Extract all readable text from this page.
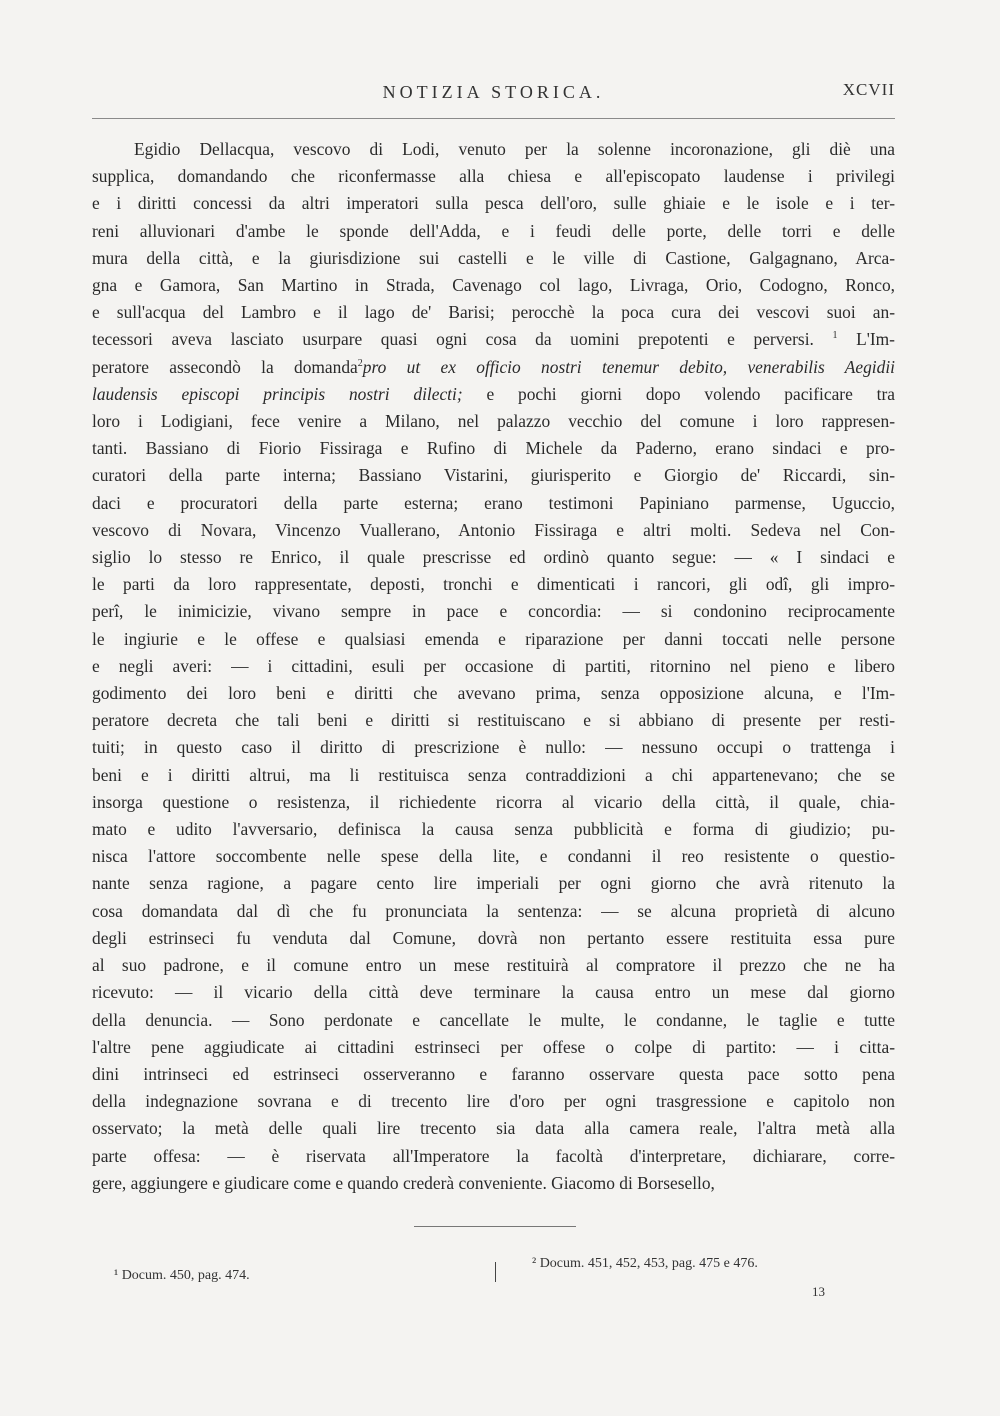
NOTIZIA STORICA.	XCVII
Egidio Dellacqua, vescovo di Lodi, venuto per la solenne incoronazione, gli diè una
supplica, domandando che riconfermasse alla chiesa e all'episcopato laudense i privilegi
e i diritti concessi da altri imperatori sulla pesca dell'oro, sulle ghiaie e le isole e i ter-
reni alluvionari d'ambe le sponde dell'Adda, e i feudi delle porte, delle torri e delle
mura della città, e la giurisdizione sui castelli e le ville di Castione, Galgagnano, Arca-
gna e Gamora, San Martino in Strada, Cavenago col lago, Livraga, Orio, Codogno, Ronco,
e sull'acqua del Lambro e il lago de' Barisi; perocchè la poca cura dei vescovi suoi an-
tecessori aveva lasciato usurpare quasi ogni cosa da uomini prepotenti e perversi. $^1$ L'Im-
peratore assecondò la domanda$^2$pro ut ex officio nostri tenemur debito, venerabilis Aegidii
laudensis episcopi principis nostri dilecti; e pochi giorni dopo volendo pacificare tra
loro i Lodigiani, fece venire a Milano, nel palazzo vecchio del comune i loro rappresen-
tanti. Bassiano di Fiorio Fissiraga e Rufino di Michele da Paderno, erano sindaci e pro-
curatori della parte interna; Bassiano Vistarini, giurisperito e Giorgio de' Riccardi, sin-
daci e procuratori della parte esterna; erano testimoni Papiniano parmense, Uguccio,
vescovo di Novara, Vincenzo Vuallerano, Antonio Fissiraga e altri molti. Sedeva nel Con-
siglio lo stesso re Enrico, il quale prescrisse ed ordinò quanto segue: — « I sindaci e
le parti da loro rappresentate, deposti, tronchi e dimenticati i rancori, gli odî, gli impro-
perî, le inimicizie, vivano sempre in pace e concordia: — si condonino reciprocamente
le ingiurie e le offese e qualsiasi emenda e riparazione per danni toccati nelle persone
e negli averi: — i cittadini, esuli per occasione di partiti, ritornino nel pieno e libero
godimento dei loro beni e diritti che avevano prima, senza opposizione alcuna, e l'Im-
peratore decreta che tali beni e diritti si restituiscano e si abbiano di presente per resti-
tuiti; in questo caso il diritto di prescrizione è nullo: — nessuno occupi o trattenga i
beni e i diritti altrui, ma li restituisca senza contraddizioni a chi appartenevano; che se
insorga questione o resistenza, il richiedente ricorra al vicario della città, il quale, chia-
mato e udito l'avversario, definisca la causa senza pubblicità e forma di giudizio; pu-
nisca l'attore soccombente nelle spese della lite, e condanni il reo resistente o questio-
nante senza ragione, a pagare cento lire imperiali per ogni giorno che avrà ritenuto la
cosa domandata dal dì che fu pronunciata la sentenza: — se alcuna proprietà di alcuno
degli estrinseci fu venduta dal Comune, dovrà non pertanto essere restituita essa pure
al suo padrone, e il comune entro un mese restituirà al compratore il prezzo che ne ha
ricevuto: — il vicario della città deve terminare la causa entro un mese dal giorno
della denuncia. — Sono perdonate e cancellate le multe, le condanne, le taglie e tutte
l'altre pene aggiudicate ai cittadini estrinseci per offese o colpe di partito: — i citta-
dini intrinseci ed estrinseci osserveranno e faranno osservare questa pace sotto pena
della indegnazione sovrana e di trecento lire d'oro per ogni trasgressione e capitolo non
osservato; la metà delle quali lire trecento sia data alla camera reale, l'altra metà alla
parte offesa: — è riservata all'Imperatore la facoltà d'interpretare, dichiarare, corre-
gere, aggiungere e giudicare come e quando crederà conveniente. Giacomo di Borsesello,
¹ Docum. 450, pag. 474.
² Docum. 451, 452, 453, pag. 475 e 476.
13
